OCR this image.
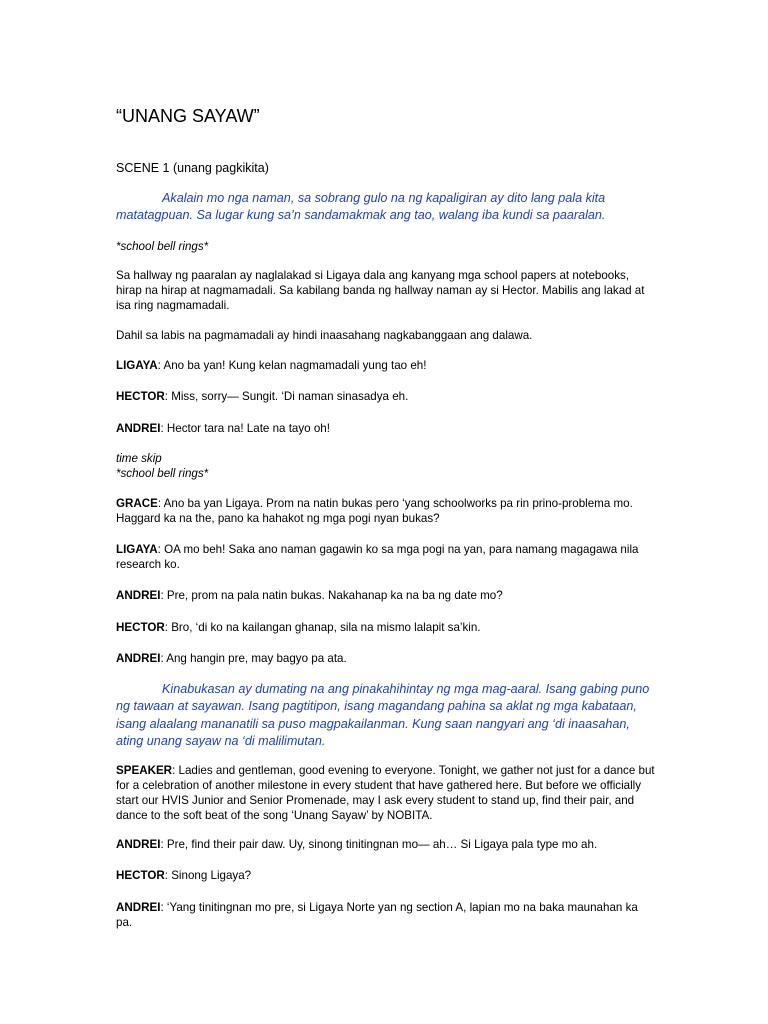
“UNANG SAYAW”
SCENE 1 (unang pagkikita)
Akalain mo nga naman, sa sobrang gulo na ng kapaligiran ay dito lang pala kita matatagpuan. Sa lugar kung sa’n sandamakmak ang tao, walang iba kundi sa paaralan.
*school bell rings*
Sa hallway ng paaralan ay naglalakad si Ligaya dala ang kanyang mga school papers at notebooks, hirap na hirap at nagmamadali. Sa kabilang banda ng hallway naman ay si Hector. Mabilis ang lakad at isa ring nagmamadali.
Dahil sa labis na pagmamadali ay hindi inaasahang nagkabanggaan ang dalawa.
LIGAYA: Ano ba yan! Kung kelan nagmamadali yung tao eh!
HECTOR: Miss, sorry— Sungit. ‘Di naman sinasadya eh.
ANDREI: Hector tara na! Late na tayo oh!
time skip
*school bell rings*
GRACE: Ano ba yan Ligaya. Prom na natin bukas pero ‘yang schoolworks pa rin prino-problema mo. Haggard ka na the, pano ka hahakot ng mga pogi nyan bukas?
LIGAYA: OA mo beh! Saka ano naman gagawin ko sa mga pogi na yan, para namang magagawa nila research ko.
ANDREI: Pre, prom na pala natin bukas. Nakahanap ka na ba ng date mo?
HECTOR: Bro, ‘di ko na kailangan ghanap, sila na mismo lalapit sa’kin.
ANDREI: Ang hangin pre, may bagyo pa ata.
Kinabukasan ay dumating na ang pinakahihintay ng mga mag-aaral. Isang gabing puno ng tawaan at sayawan. Isang pagtitipon, isang magandang pahina sa aklat ng mga kabataan, isang alaalang mananatili sa puso magpakailanman. Kung saan nangyari ang ‘di inaasahan, ating unang sayaw na ‘di malilimutan.
SPEAKER: Ladies and gentleman, good evening to everyone. Tonight, we gather not just for a dance but for a celebration of another milestone in every student that have gathered here. But before we officially start our HVIS Junior and Senior Promenade, may I ask every student to stand up, find their pair, and dance to the soft beat of the song ‘Unang Sayaw’ by NOBITA.
ANDREI: Pre, find their pair daw. Uy, sinong tinitingnan mo— ah… Si Ligaya pala type mo ah.
HECTOR: Sinong Ligaya?
ANDREI: ‘Yang tinitingnan mo pre, si Ligaya Norte yan ng section A, lapian mo na baka maunahan ka pa.
